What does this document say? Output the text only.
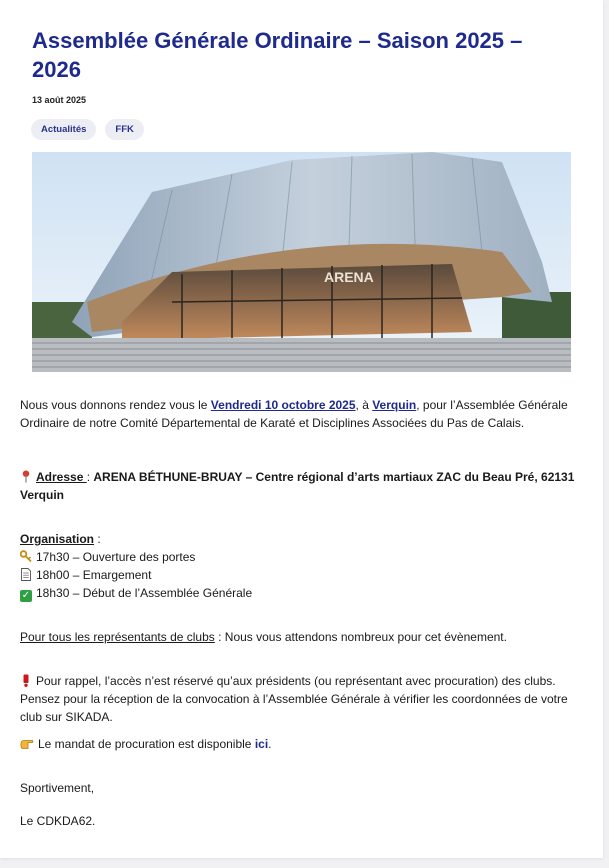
Assemblée Générale Ordinaire – Saison 2025 – 2026
13 août 2025
Actualités	FFK
ARENA

Nous vous donnons rendez vous le Vendredi 10 octobre 2025, à Verquin, pour l’Assemblée Générale Ordinaire de notre Comité Départemental de Karaté et Disciplines Associées du Pas de Calais.

Adresse : ARENA BÉTHUNE-BRUAY – Centre régional d’arts martiaux ZAC du Beau Pré, 62131 Verquin

Organisation :
17h30 – Ouverture des portes
18h00 – Emargement
✓ 18h30 – Début de l’Assemblée Générale

Pour tous les représentants de clubs : Nous vous attendons nombreux pour cet évènement.

Pour rappel, l’accès n’est réservé qu’aux présidents (ou représentant avec procuration) des clubs. Pensez pour la réception de la convocation à l’Assemblée Générale à vérifier les coordonnées de votre club sur SIKADA.

Le mandat de procuration est disponible ici.

Sportivement,

Le CDKDA62.
